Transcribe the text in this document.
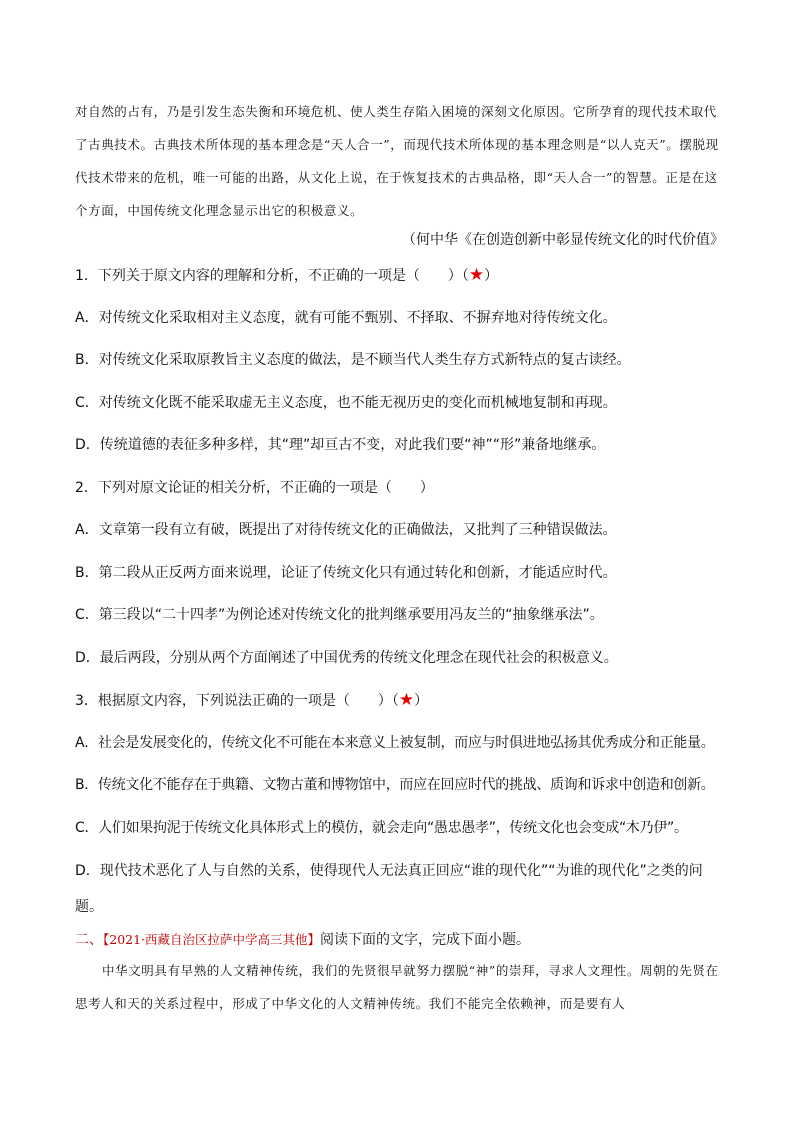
对自然的占有，乃是引发生态失衡和环境危机、使人类生存陷入困境的深刻文化原因。它所孕育的现代技术取代了古典技术。古典技术所体现的基本理念是“天人合一”，而现代技术所体现的基本理念则是“以人克天”。摆脱现代技术带来的危机，唯一可能的出路，从文化上说，在于恢复技术的古典品格，即“天人合一”的智慧。正是在这个方面，中国传统文化理念显示出它的积极意义。

（何中华《在创造创新中彰显传统文化的时代价值》
1．下列关于原文内容的理解和分析，不正确的一项是（　　）（★）
A．对传统文化采取相对主义态度，就有可能不甄别、不择取、不摒弃地对待传统文化。
B．对传统文化采取原教旨主义态度的做法，是不顾当代人类生存方式新特点的复古读经。
C．对传统文化既不能采取虚无主义态度，也不能无视历史的变化而机械地复制和再现。
D．传统道德的表征多种多样，其“理”却亘古不变，对此我们要“神”“形”兼备地继承。
2．下列对原文论证的相关分析，不正确的一项是（　　）
A．文章第一段有立有破，既提出了对待传统文化的正确做法，又批判了三种错误做法。
B．第二段从正反两方面来说理，论证了传统文化只有通过转化和创新，才能适应时代。
C．第三段以“二十四孝”为例论述对传统文化的批判继承要用冯友兰的“抽象继承法”。
D．最后两段，分别从两个方面阐述了中国优秀的传统文化理念在现代社会的积极意义。
3．根据原文内容，下列说法正确的一项是（　　）（★）
A．社会是发展变化的，传统文化不可能在本来意义上被复制，而应与时俱进地弘扬其优秀成分和正能量。
B．传统文化不能存在于典籍、文物古董和博物馆中，而应在回应时代的挑战、质询和诉求中创造和创新。
C．人们如果拘泥于传统文化具体形式上的模仿，就会走向“愚忠愚孝”，传统文化也会变成“木乃伊”。
D．现代技术恶化了人与自然的关系，使得现代人无法真正回应“谁的现代化”“为谁的现代化”之类的问题。
二、【2021·西藏自治区拉萨中学高三其他】阅读下面的文字，完成下面小题。

中华文明具有早熟的人文精神传统，我们的先贤很早就努力摆脱“神”的崇拜，寻求人文理性。周朝的先贤在思考人和天的关系过程中，形成了中华文化的人文精神传统。我们不能完全依赖神，而是要有人
